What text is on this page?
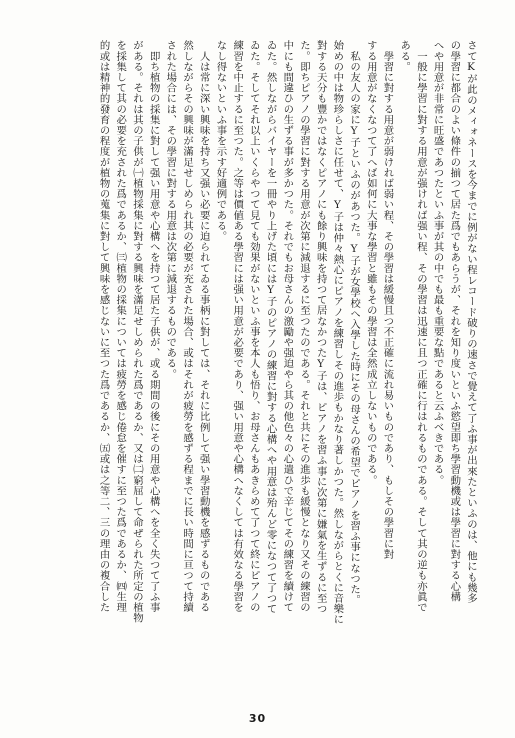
さてKが此のメィォネースを今までに例がない程レコード破りの速さで覺えて了ふ事が出來たといふのは、他にも幾多
の學習に都合のよい條件の揃つて居た爲でもあらうが、それを知り度いといふ慾望即ち學習動機或は學習に對する心構
へや用意が非常に旺盛であつたといふ事が其の中でも最も重要な點であると云ふべきである。
一般に學習に對する用意が强ければ强い程、その學習は迅速に且つ正確に行はれるものである。そして其の逆も亦眞で
ある。
學習に對する用意が弱ければ弱い程、その學習は緩慢且つ不正確に流れ易いものであり、もしその學習に對
する用意がなくなつて了へば如何に大事な學習と雖もその學習は全然成立しないものである。
私の友人の家にY子といふのがあつた。Y子が女學校へ入學した時にその母さんの希望でピアノを習ふ事になつた。
始めの中は物珍らしさに任せて、Y子は仲々熱心にピアノを練習しその進歩もかなり著しかつた。然しながらとくに音樂に
對する天分も豐かではなくピアノにも餘り興味を持つて居なかつたY子は、ピアノを習ふ事に次第に嫌氣を生ずるに至つ
た。即ちピアノの學習に對する用意が次第に減退するに至つたのである。それと共にその進歩も緩慢となり又その練習の
中にも間違ひの生ずる事が多かつた。それでもお母さんの激勵や强迫やら其の他色々の心遣ひで辛じてその練習を續けて
ゐた。然しながらバイヤーを一冊やり上げた頃にはY子のピアノの練習に對する心構へや用意は殆んど零になつて了つて
ゐた。そしてそれ以上いくらやつて見ても効果がないといふ事を本人も悟り、お母さんもあきらめて了つて終にピアノの
練習を中止するに至つた。之等は價値ある學習には强い用意が必要であり、强い用意や心構へなくしては有效なる學習を
なし得ないといふ事を示す好適例である。
人は常に深い興味を持ち又强い必要に迫られてゐる事柄に對しては、それに比例して强い學習動機を感ずるものである
然しながらその興味が滿足せしめられ其の必要が充された場合、或はそれが疲勞を感ずる程までに長い時間に亘つて持續
された場合には、その學習に對する用意は次第に減退するものである。
即ち植物の採集に對して强い用意や心構へを持つて居た子供が、或る期間の後にその用意や心構へを全く失つて了ふ事
がある。それは其の子供が㈠植物採集に對する興味を滿足せしめられた爲であるか、又は㈡窮屈して命ぜられた所定の植物
を採集して其の必要を充された爲であるか、㈢植物の採集については疲勞を感じ倦怠を催すに至つた爲であるか、㈣生理
的或は精神的發育の程度が植物の蒐集に對して興味を感じないに至つた爲であるか、㈤或は之等二、三の理由の複合した
30
